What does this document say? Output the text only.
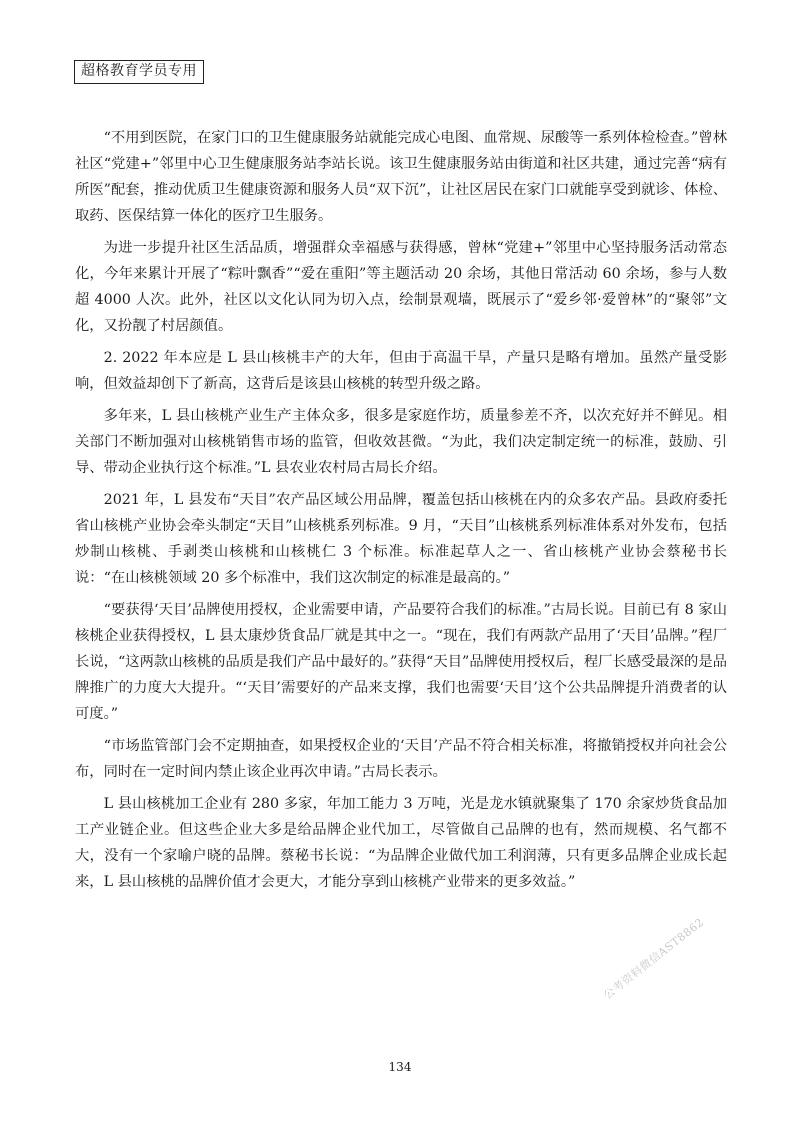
超格教育学员专用

“不用到医院，在家门口的卫生健康服务站就能完成心电图、血常规、尿酸等一系列体检检查。”曾林社区“党建+”邻里中心卫生健康服务站李站长说。该卫生健康服务站由街道和社区共建，通过完善“病有所医”配套，推动优质卫生健康资源和服务人员“双下沉”，让社区居民在家门口就能享受到就诊、体检、取药、医保结算一体化的医疗卫生服务。

为进一步提升社区生活品质，增强群众幸福感与获得感，曾林“党建+”邻里中心坚持服务活动常态化，今年来累计开展了“粽叶飘香”“爱在重阳”等主题活动 20 余场，其他日常活动 60 余场，参与人数超 4000 人次。此外，社区以文化认同为切入点，绘制景观墙，既展示了“爱乡邻·爱曾林”的“聚邻”文化，又扮靓了村居颜值。

2. 2022 年本应是 L 县山核桃丰产的大年，但由于高温干旱，产量只是略有增加。虽然产量受影响，但效益却创下了新高，这背后是该县山核桃的转型升级之路。

多年来，L 县山核桃产业生产主体众多，很多是家庭作坊，质量参差不齐，以次充好并不鲜见。相关部门不断加强对山核桃销售市场的监管，但收效甚微。“为此，我们决定制定统一的标准，鼓励、引导、带动企业执行这个标准。”L 县农业农村局古局长介绍。

2021 年，L 县发布“天目”农产品区域公用品牌，覆盖包括山核桃在内的众多农产品。县政府委托省山核桃产业协会牵头制定“天目”山核桃系列标准。9 月，“天目”山核桃系列标准体系对外发布，包括炒制山核桃、手剥类山核桃和山核桃仁 3 个标准。标准起草人之一、省山核桃产业协会蔡秘书长说：“在山核桃领域 20 多个标准中，我们这次制定的标准是最高的。”

“要获得‘天目’品牌使用授权，企业需要申请，产品要符合我们的标准。”古局长说。目前已有 8 家山核桃企业获得授权，L 县太康炒货食品厂就是其中之一。“现在，我们有两款产品用了‘天目’品牌。”程厂长说，“这两款山核桃的品质是我们产品中最好的。”获得“天目”品牌使用授权后，程厂长感受最深的是品牌推广的力度大大提升。“‘天目’需要好的产品来支撑，我们也需要‘天目’这个公共品牌提升消费者的认可度。”

“市场监管部门会不定期抽查，如果授权企业的‘天目’产品不符合相关标准，将撤销授权并向社会公布，同时在一定时间内禁止该企业再次申请。”古局长表示。

L 县山核桃加工企业有 280 多家，年加工能力 3 万吨，光是龙水镇就聚集了 170 余家炒货食品加工产业链企业。但这些企业大多是给品牌企业代加工，尽管做自己品牌的也有，然而规模、名气都不大，没有一个家喻户晓的品牌。蔡秘书长说：“为品牌企业做代加工利润薄，只有更多品牌企业成长起来，L 县山核桃的品牌价值才会更大，才能分享到山核桃产业带来的更多效益。”

公考资料微信AST8862
134
